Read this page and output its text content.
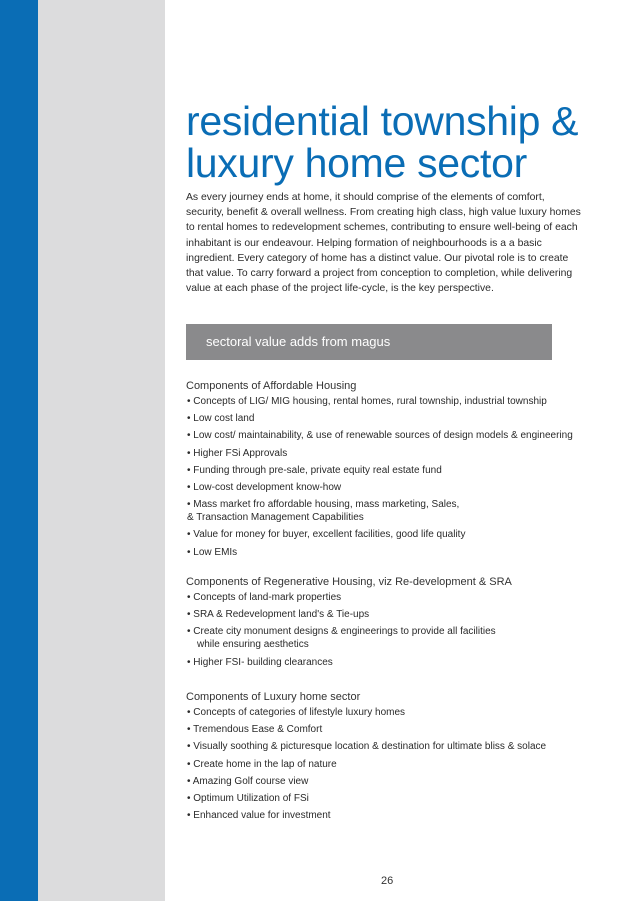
residential township &
luxury home sector
As every journey ends at home, it should comprise of the elements of comfort,
security, benefit & overall wellness. From creating high class, high value luxury homes
to rental homes to redevelopment schemes, contributing to ensure well-being of each
inhabitant is our endeavour. Helping formation of neighbourhoods is a a basic
ingredient. Every category of home has a distinct value. Our pivotal role is to create
that value. To carry forward a project from conception to completion, while delivering
value at each phase of the project life-cycle, is the key perspective.
sectoral value adds from magus
Components of Affordable Housing
• Concepts of LIG/ MIG housing, rental homes, rural township, industrial township
• Low cost land
• Low cost/ maintainability, & use of renewable sources of design models & engineering
• Higher FSi Approvals
• Funding through pre-sale, private equity real estate fund
• Low-cost development know-how
• Mass market fro affordable housing, mass marketing, Sales,
& Transaction Management Capabilities
• Value for money for buyer, excellent facilities, good life quality
• Low EMIs
Components of Regenerative Housing, viz Re-development & SRA
• Concepts of land-mark properties
• SRA & Redevelopment land's & Tie-ups
• Create city monument designs & engineerings to provide all facilities
while ensuring aesthetics
• Higher FSI- building clearances
Components of Luxury home sector
• Concepts of categories of lifestyle luxury homes
• Tremendous Ease & Comfort
• Visually soothing & picturesque location & destination for ultimate bliss & solace
• Create home in the lap of nature
• Amazing Golf course view
• Optimum Utilization of FSi
• Enhanced value for investment
26
